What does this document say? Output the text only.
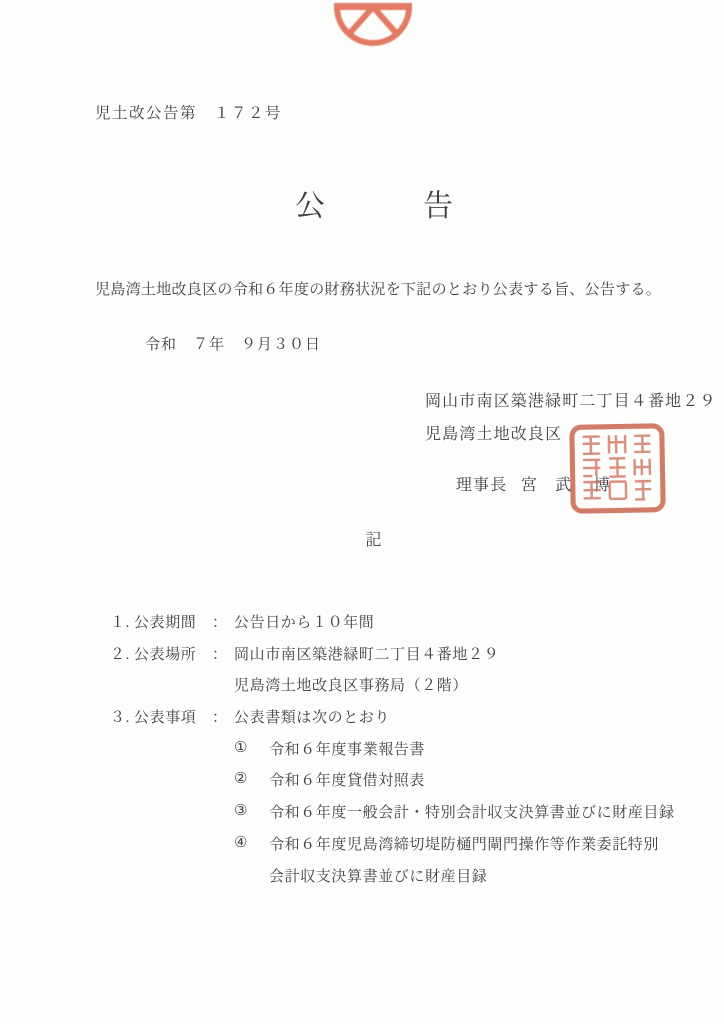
児土改公告第　１７２号
公　　　告
児島湾土地改良区の令和６年度の財務状況を下記のとおり公表する旨、公告する。
令和　７年　９月３０日
岡山市南区築港緑町二丁目４番地２９
児島湾土地改良区

理事長 宮　武 博

記
１. 公表期間	： 公告日から１０年間
２. 公表場所	： 岡山市南区築港緑町二丁目４番地２９
児島湾土地改良区事務局（２階）
３. 公表事項	： 公表書類は次のとおり
①	令和６年度事業報告書
②	令和６年度貸借対照表
③	令和６年度一般会計・特別会計収支決算書並びに財産目録
④	令和６年度児島湾締切堤防樋門閘門操作等作業委託特別
会計収支決算書並びに財産目録
